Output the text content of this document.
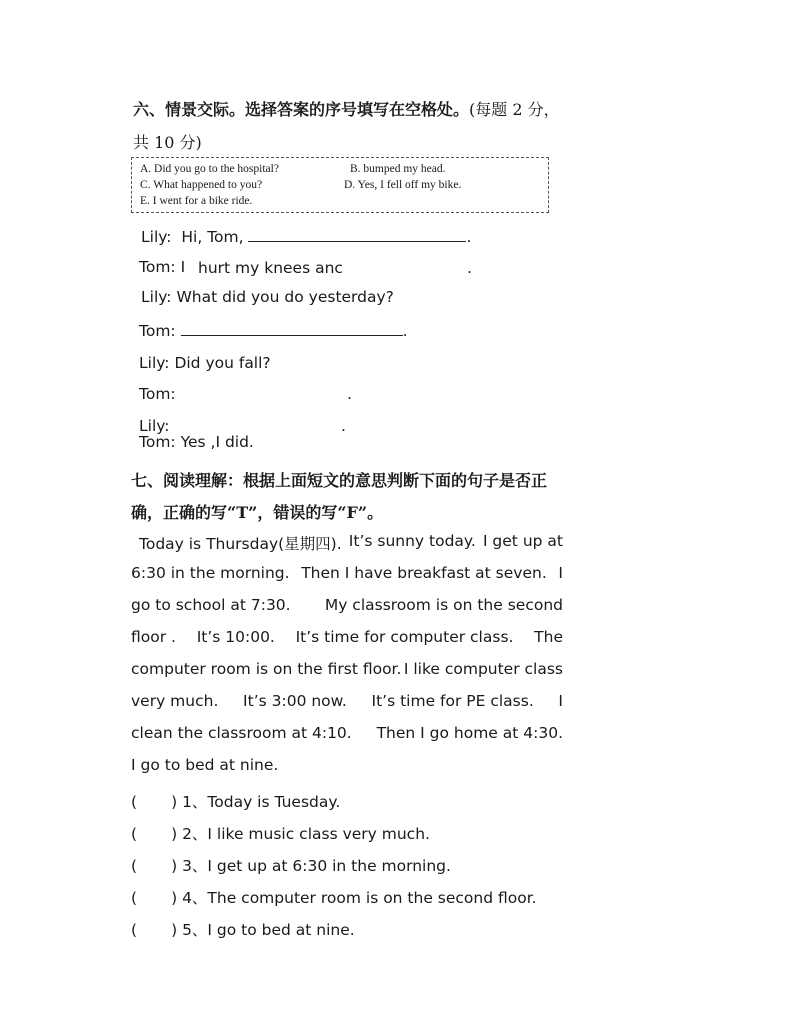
六、情景交际。选择答案的序号填写在空格处。(每题 2 分，
共 10 分)
A. Did you go to the hospital?	B. bumped my head.
C. What happened to you?	D. Yes, I fell off my bike.
E. I went for a bike ride.
Lily: Hi, Tom,	.
Tom: I hurt my knees anc	.
Lily: What did you do yesterday?
Tom:	.
Lily: Did you fall?
Tom:	.
Lily:	.
Tom: Yes ,I did.
七、阅读理解：根据上面短文的意思判断下面的句子是否正
确，正确的写“T”，错误的写“F”。
Today is Thursday(星期四). It’s sunny today. I get up at
6:30 in the morning. Then I have breakfast at seven. I
go to school at 7:30. My classroom is on the second
floor . It’s 10:00. It’s time for computer class. The
computer room is on the first floor. I like computer class
very much. It’s 3:00 now. It’s time for PE class. I
clean the classroom at 4:10. Then I go home at 4:30.
I go to bed at nine.
( ) 1、Today is Tuesday.
( ) 2、I like music class very much.
( ) 3、I get up at 6:30 in the morning.
( ) 4、The computer room is on the second floor.
( ) 5、I go to bed at nine.
